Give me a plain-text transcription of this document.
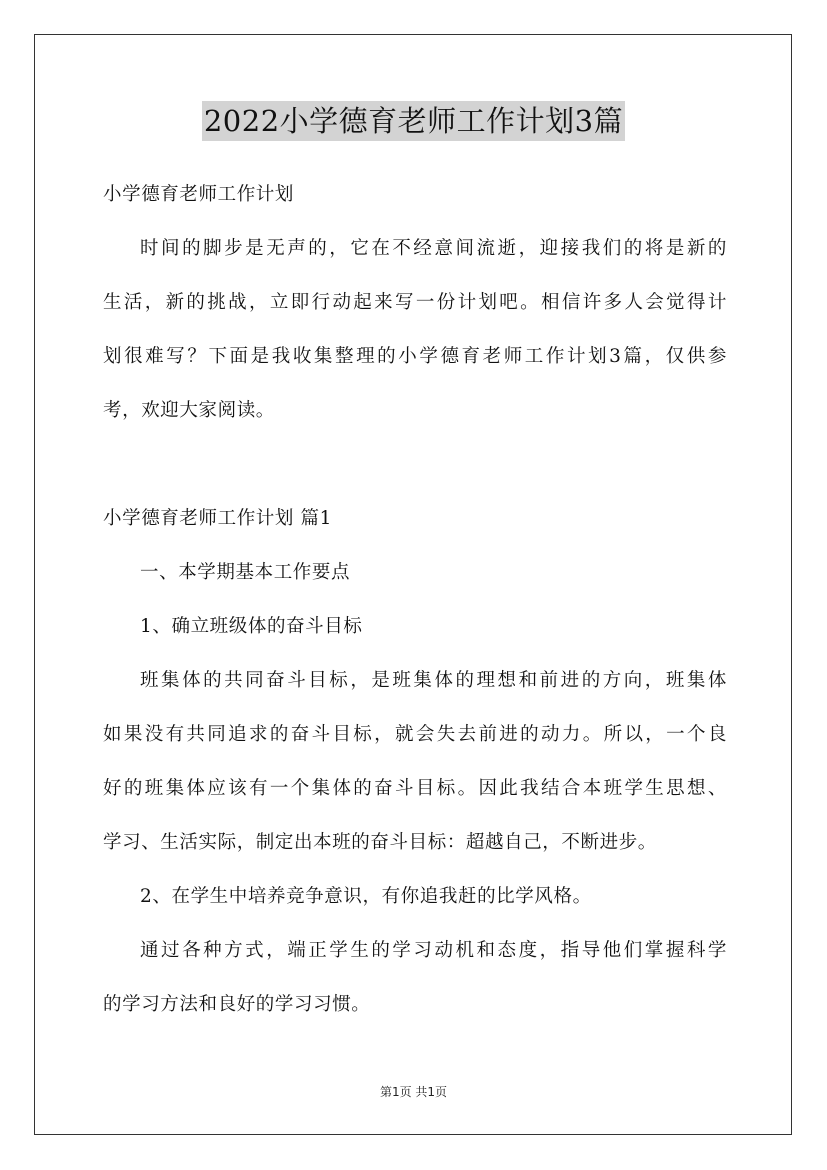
2022小学德育老师工作计划3篇
小学德育老师工作计划
时间的脚步是无声的，它在不经意间流逝，迎接我们的将是新的
生活，新的挑战，立即行动起来写一份计划吧。相信许多人会觉得计
划很难写？下面是我收集整理的小学德育老师工作计划3篇，仅供参
考，欢迎大家阅读。
小学德育老师工作计划 篇1
一、本学期基本工作要点
1、确立班级体的奋斗目标
班集体的共同奋斗目标，是班集体的理想和前进的方向，班集体
如果没有共同追求的奋斗目标，就会失去前进的动力。所以，一个良
好的班集体应该有一个集体的奋斗目标。因此我结合本班学生思想、
学习、生活实际，制定出本班的奋斗目标：超越自己，不断进步。
2、在学生中培养竞争意识，有你追我赶的比学风格。
通过各种方式，端正学生的学习动机和态度，指导他们掌握科学
的学习方法和良好的学习习惯。
第1页 共1页
